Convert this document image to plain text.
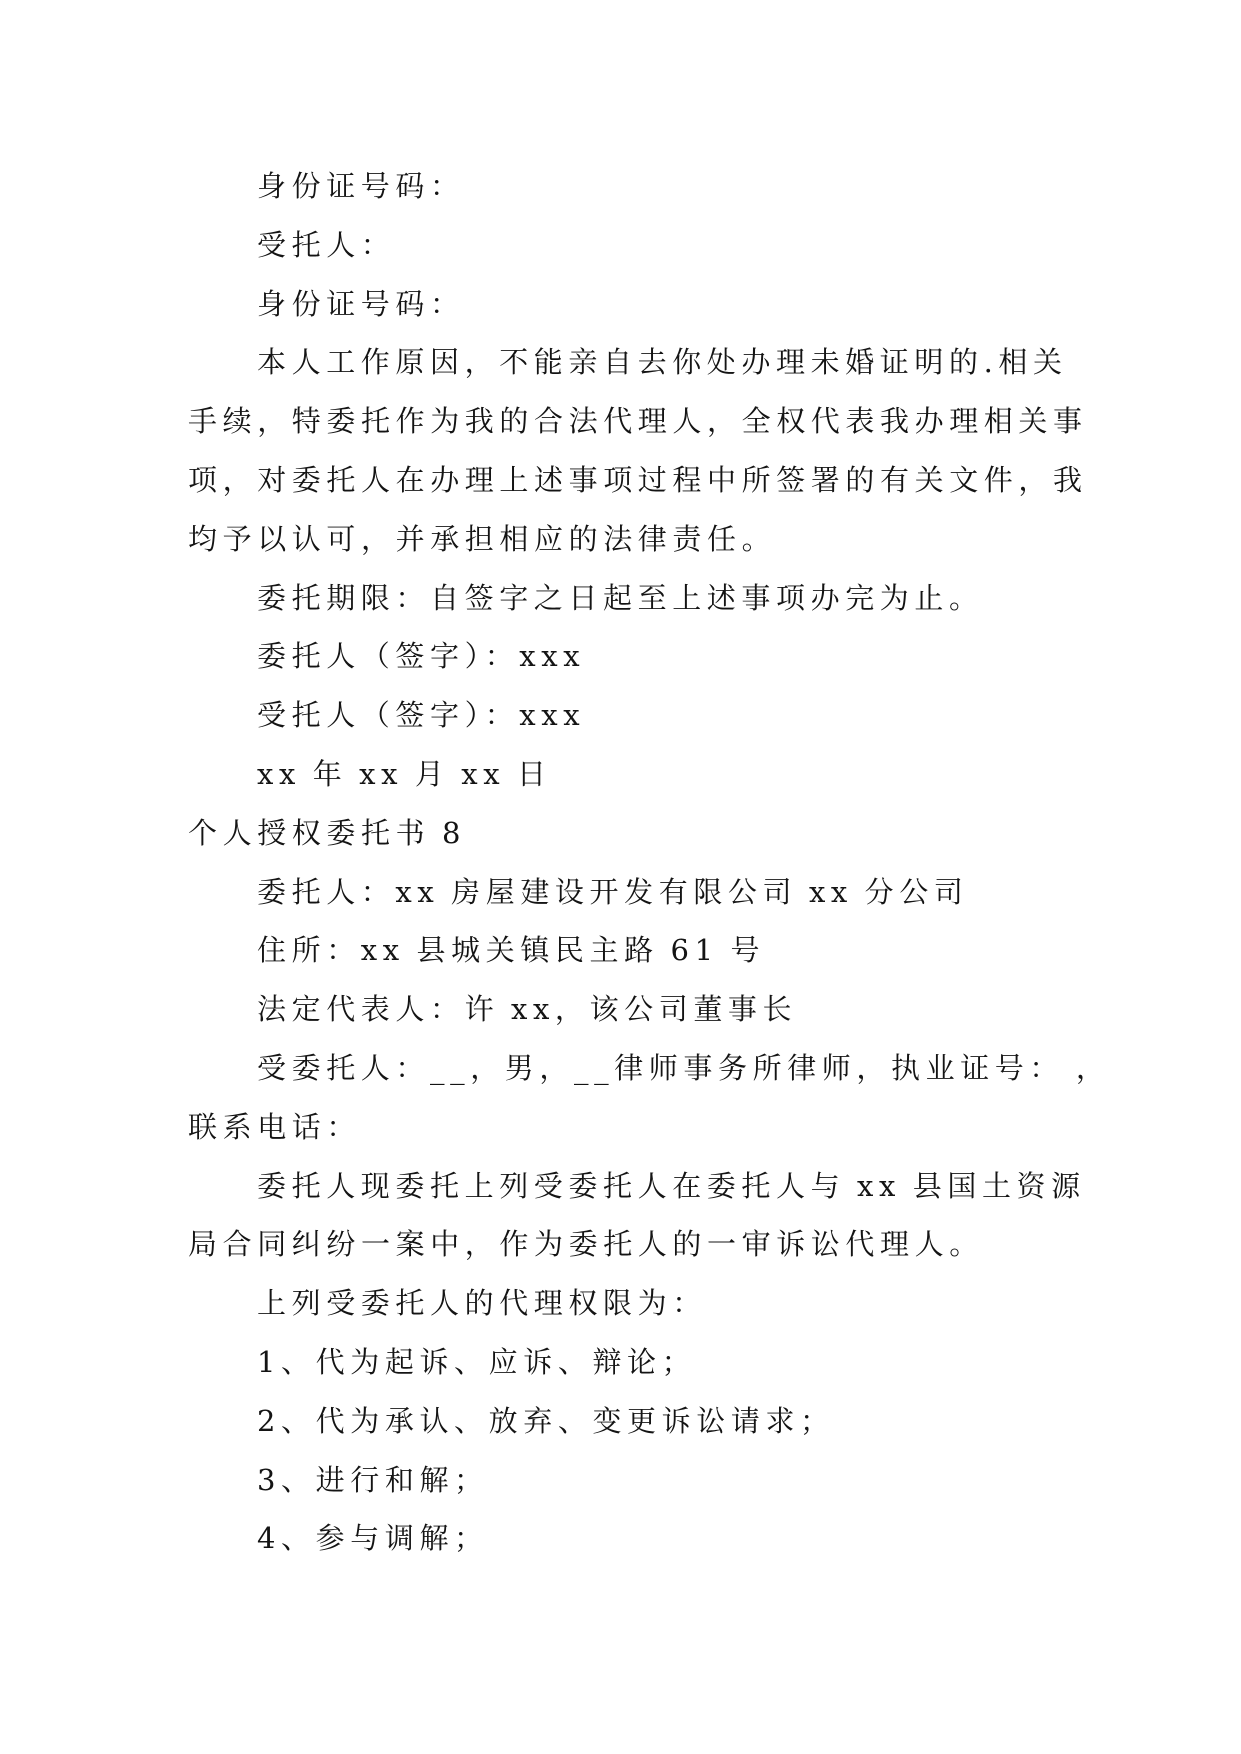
身份证号码：
受托人：
身份证号码：
本人工作原因，不能亲自去你处办理未婚证明的.相关
手续，特委托作为我的合法代理人，全权代表我办理相关事
项，对委托人在办理上述事项过程中所签署的有关文件，我
均予以认可，并承担相应的法律责任。
委托期限：自签字之日起至上述事项办完为止。
委托人（签字）：xxx
受托人（签字）：xxx
xx 年 xx 月 xx 日
个人授权委托书 8
委托人：xx 房屋建设开发有限公司 xx 分公司
住所：xx 县城关镇民主路 61 号
法定代表人：许 xx，该公司董事长
受委托人：__，男，__律师事务所律师，执业证号： ，
联系电话：
委托人现委托上列受委托人在委托人与 xx 县国土资源
局合同纠纷一案中，作为委托人的一审诉讼代理人。
上列受委托人的代理权限为：
1、代为起诉、应诉、辩论；
2、代为承认、放弃、变更诉讼请求；
3、进行和解；
4、参与调解；
